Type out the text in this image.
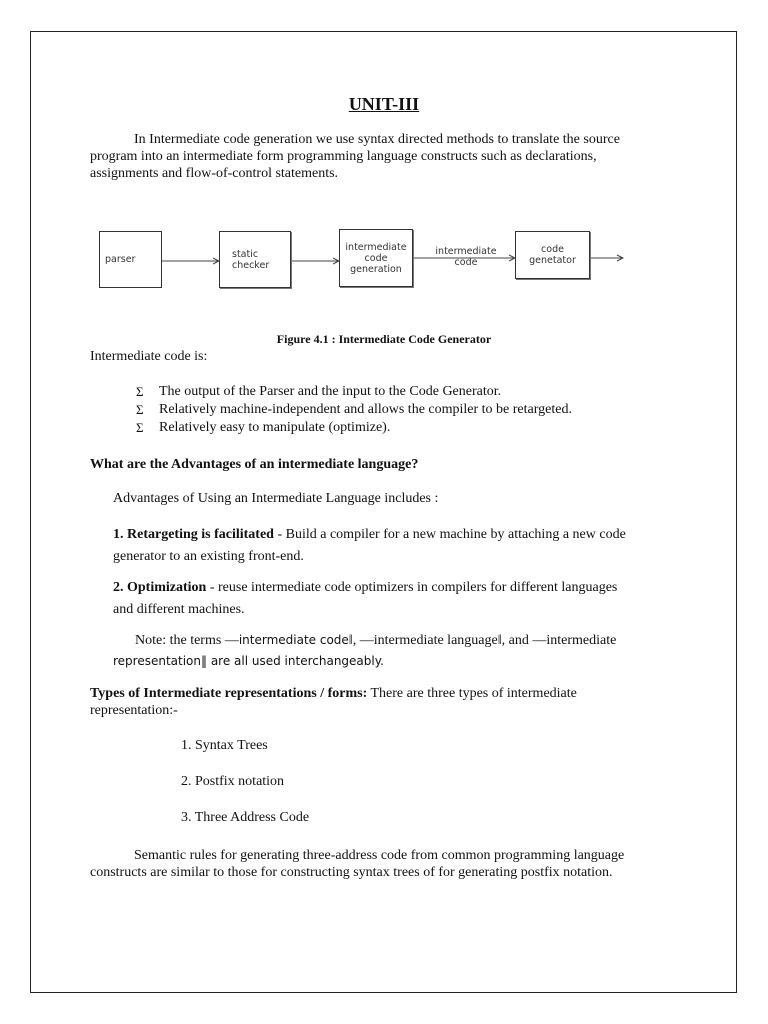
UNIT-III
In Intermediate code generation we use syntax directed methods to translate the source
program into an intermediate form programming language constructs such as declarations,
assignments and flow-of-control statements.
parser	static
checker
intermediate
code
generation
intermediate
code
code
genetator
Figure 4.1 : Intermediate Code Generator
Intermediate code is:
Σ	The output of the Parser and the input to the Code Generator.
Σ	Relatively machine-independent and allows the compiler to be retargeted.
Σ	Relatively easy to manipulate (optimize).
What are the Advantages of an intermediate language?
Advantages of Using an Intermediate Language includes :
1. Retargeting is facilitated - Build a compiler for a new machine by attaching a new code
generator to an existing front-end.
2. Optimization - reuse intermediate code optimizers in compilers for different languages
and different machines.
Note: the terms ―intermediate code‖, ―intermediate language‖, and ―intermediate
representation‖ are all used interchangeably.
Types of Intermediate representations / forms: There are three types of intermediate
representation:-
1. Syntax Trees
2. Postfix notation
3. Three Address Code
Semantic rules for generating three-address code from common programming language
constructs are similar to those for constructing syntax trees of for generating postfix notation.
